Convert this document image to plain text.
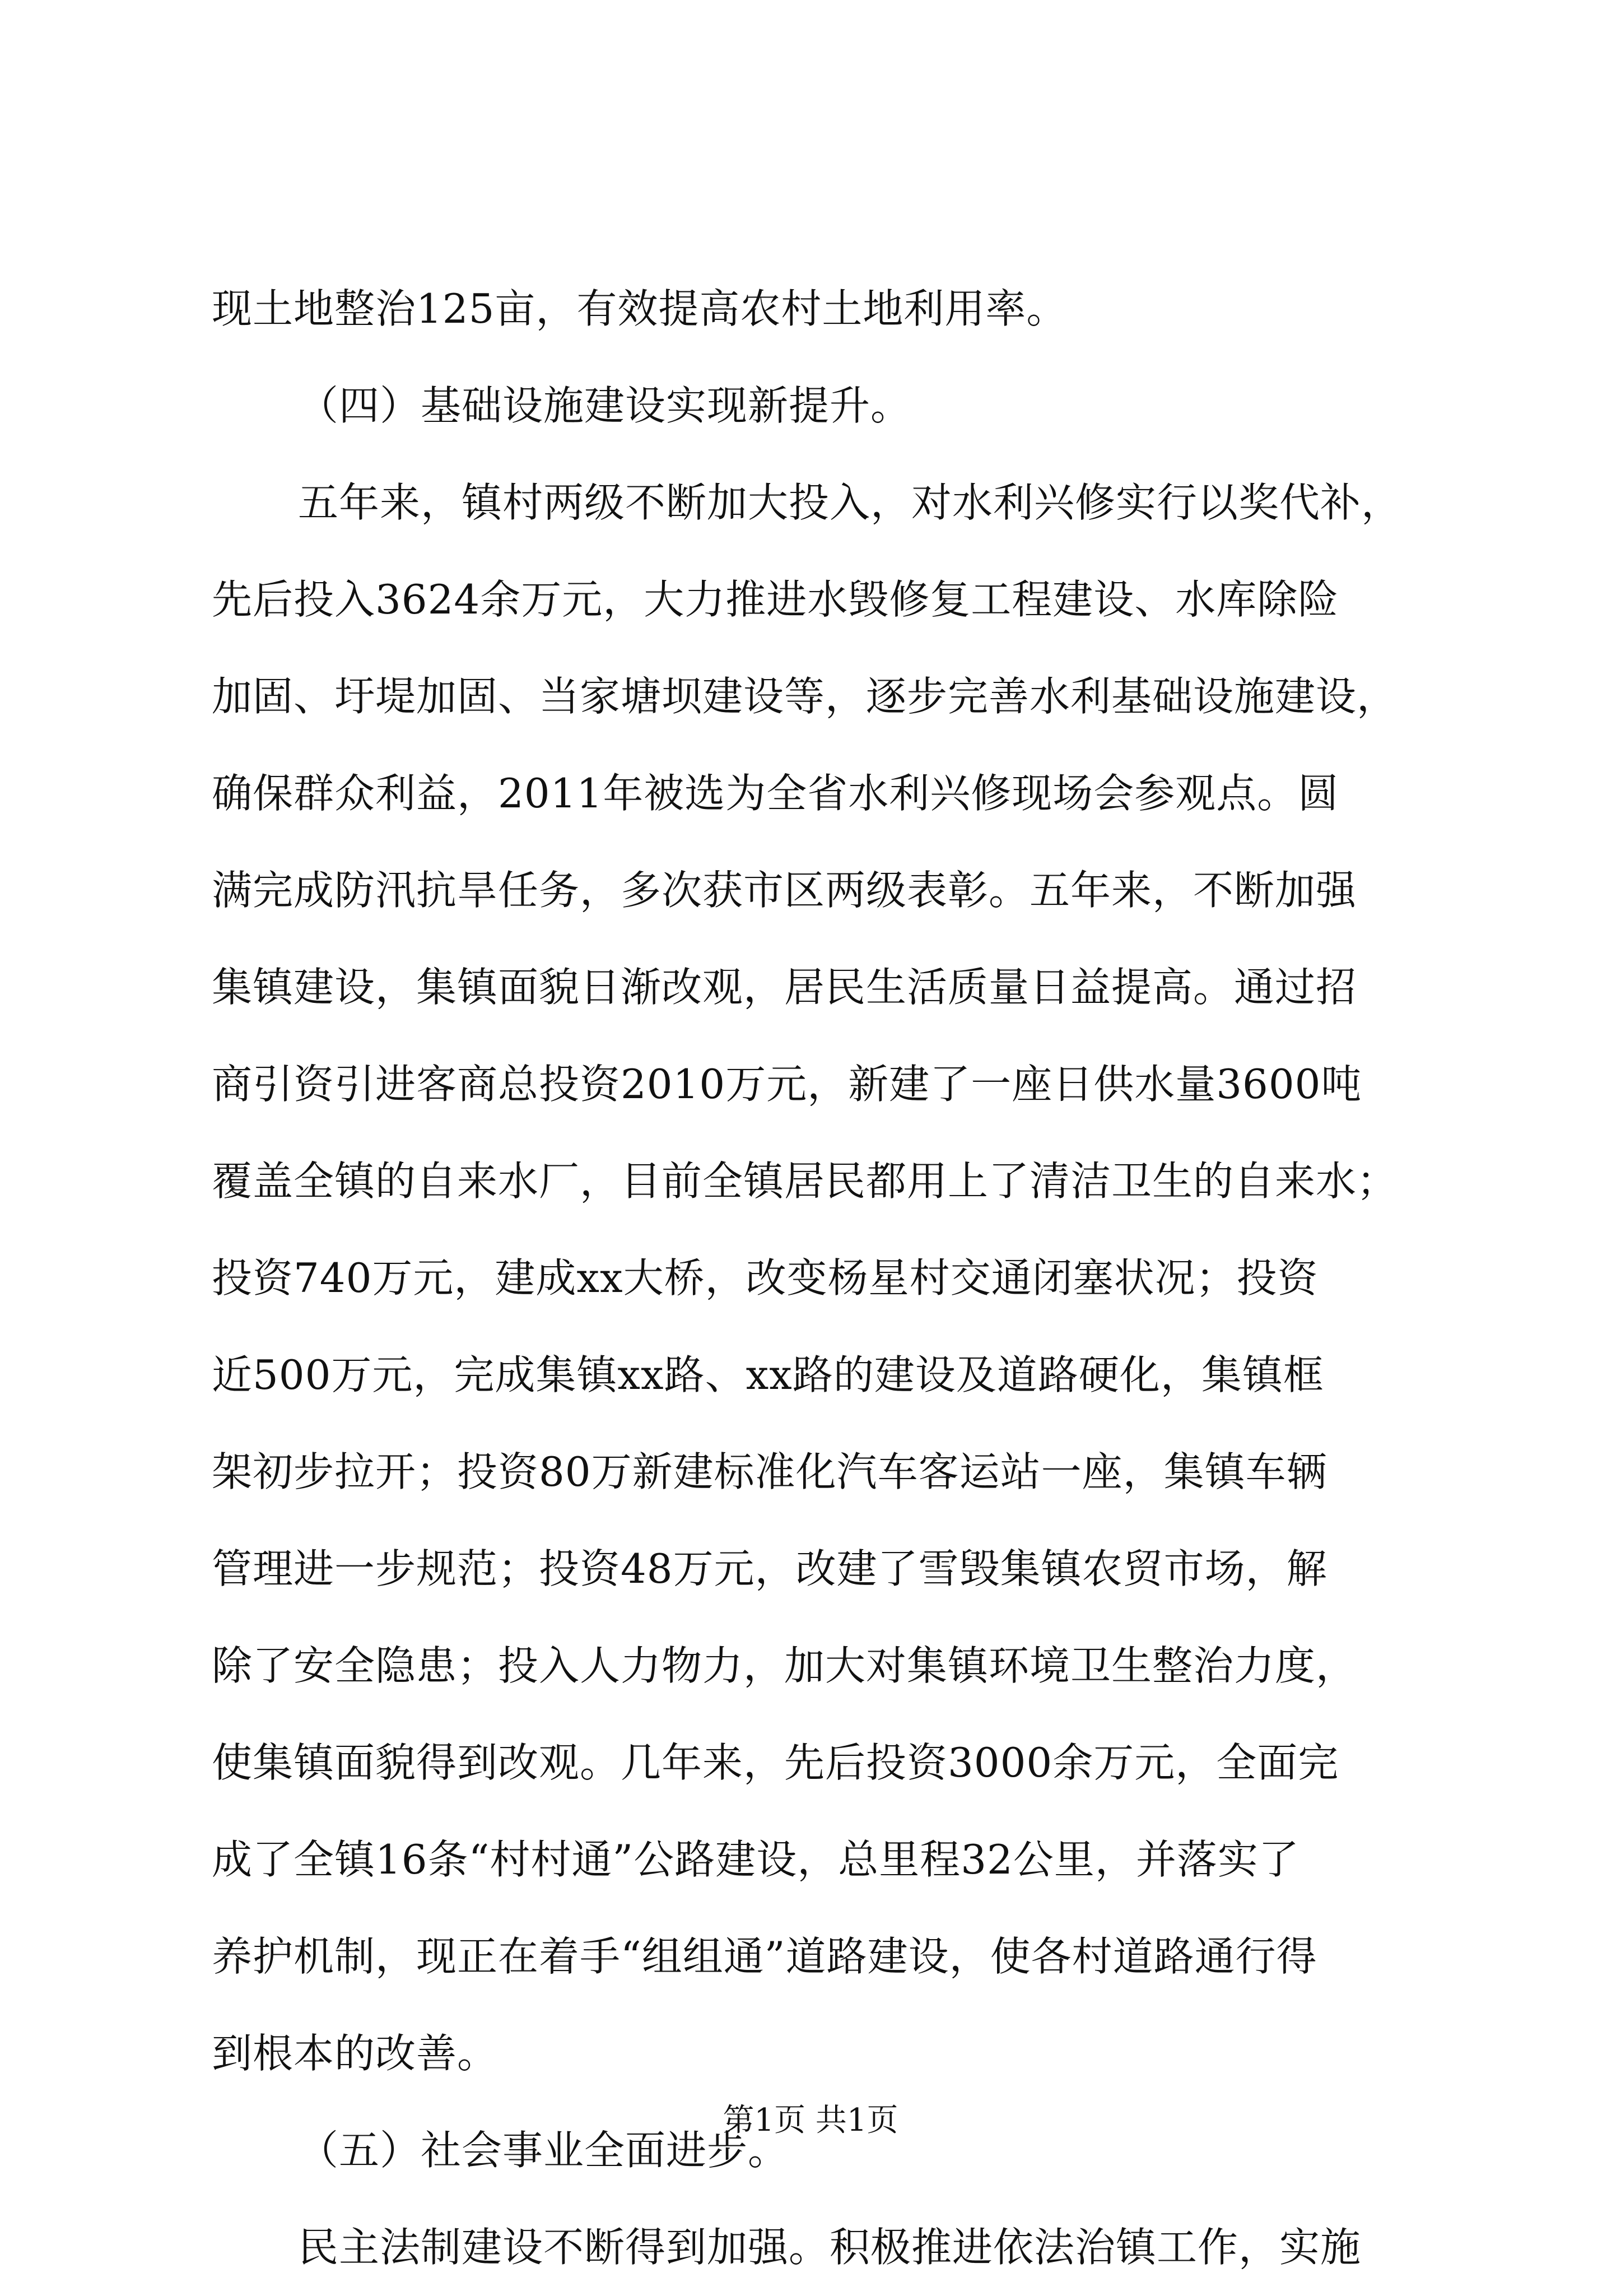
现土地整治125亩，有效提高农村土地利用率。
（四）基础设施建设实现新提升。
五年来，镇村两级不断加大投入，对水利兴修实行以奖代补，
先后投入3624余万元，大力推进水毁修复工程建设、水库除险
加固、圩堤加固、当家塘坝建设等，逐步完善水利基础设施建设，
确保群众利益，2011年被选为全省水利兴修现场会参观点。圆
满完成防汛抗旱任务，多次获市区两级表彰。五年来，不断加强
集镇建设，集镇面貌日渐改观，居民生活质量日益提高。通过招
商引资引进客商总投资2010万元，新建了一座日供水量3600吨
覆盖全镇的自来水厂，目前全镇居民都用上了清洁卫生的自来水；
投资740万元，建成xx大桥，改变杨星村交通闭塞状况；投资
近500万元，完成集镇xx路、xx路的建设及道路硬化，集镇框
架初步拉开；投资80万新建标准化汽车客运站一座，集镇车辆
管理进一步规范；投资48万元，改建了雪毁集镇农贸市场，解
除了安全隐患；投入人力物力，加大对集镇环境卫生整治力度，
使集镇面貌得到改观。几年来，先后投资3000余万元，全面完
成了全镇16条“村村通”公路建设，总里程32公里，并落实了
养护机制，现正在着手“组组通”道路建设，使各村道路通行得
到根本的改善。
（五）社会事业全面进步。
民主法制建设不断得到加强。积极推进依法治镇工作，实施
第1页 共1页
